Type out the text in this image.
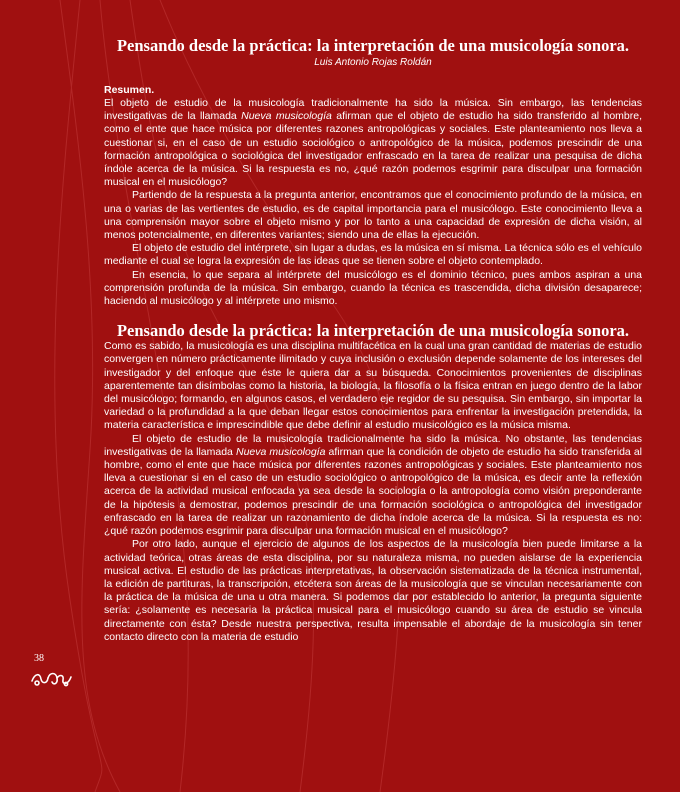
Pensando desde la práctica: la interpretación de una musicología sonora.
Luis Antonio Rojas Roldán
Resumen.

El objeto de estudio de la musicología tradicionalmente ha sido la música. Sin embargo, las tendencias investigativas de la llamada Nueva musicología afirman que el objeto de estudio ha sido transferido al hombre, como el ente que hace música por diferentes razones antropológicas y sociales. Este planteamiento nos lleva a cuestionar si, en el caso de un estudio sociológico o antropológico de la música, podemos prescindir de una formación antropológica o sociológica del investigador enfrascado en la tarea de realizar una pesquisa de dicha índole acerca de la música. Si la respuesta es no, ¿qué razón podemos esgrimir para disculpar una formación musical en el musicólogo?

Partiendo de la respuesta a la pregunta anterior, encontramos que el conocimiento profundo de la música, en una o varias de las vertientes de estudio, es de capital importancia para el musicólogo. Este conocimiento lleva a una comprensión mayor sobre el objeto mismo y por lo tanto a una capacidad de expresión de dicha visión, al menos potencialmente, en diferentes variantes; siendo una de ellas la ejecución.

El objeto de estudio del intérprete, sin lugar a dudas, es la música en sí misma. La técnica sólo es el vehículo mediante el cual se logra la expresión de las ideas que se tienen sobre el objeto contemplado.

En esencia, lo que separa al intérprete del musicólogo es el dominio técnico, pues ambos aspiran a una comprensión profunda de la música. Sin embargo, cuando la técnica es trascendida, dicha división desaparece; haciendo al musicólogo y al intérprete uno mismo.

Pensando desde la práctica: la interpretación de una musicología sonora.

Como es sabido, la musicología es una disciplina multifacética en la cual una gran cantidad de materias de estudio convergen en número prácticamente ilimitado y cuya inclusión o exclusión depende solamente de los intereses del investigador y del enfoque que éste le quiera dar a su búsqueda. Conocimientos provenientes de disciplinas aparentemente tan disímbolas como la historia, la biología, la filosofía o la física entran en juego dentro de la labor del musicólogo; formando, en algunos casos, el verdadero eje regidor de su pesquisa. Sin embargo, sin importar la variedad o la profundidad a la que deban llegar estos conocimientos para enfrentar la investigación pretendida, la materia característica e imprescindible que debe definir al estudio musicológico es la música misma.

El objeto de estudio de la musicología tradicionalmente ha sido la música. No obstante, las tendencias investigativas de la llamada Nueva musicología afirman que la condición de objeto de estudio ha sido transferida al hombre, como el ente que hace música por diferentes razones antropológicas y sociales. Este planteamiento nos lleva a cuestionar si en el caso de un estudio sociológico o antropológico de la música, es decir ante la reflexión acerca de la actividad musical enfocada ya sea desde la sociología o la antropología como visión preponderante de la hipótesis a demostrar, podemos prescindir de una formación sociológica o antropológica del investigador enfrascado en la tarea de realizar un razonamiento de dicha índole acerca de la música. Si la respuesta es no: ¿qué razón podemos esgrimir para disculpar una formación musical en el musicólogo?

Por otro lado, aunque el ejercicio de algunos de los aspectos de la musicología bien puede limitarse a la actividad teórica, otras áreas de esta disciplina, por su naturaleza misma, no pueden aislarse de la experiencia musical activa. El estudio de las prácticas interpretativas, la observación sistematizada de la técnica instrumental, la edición de partituras, la transcripción, etcétera son áreas de la musicología que se vinculan necesariamente con la práctica de la música de una u otra manera. Si podemos dar por establecido lo anterior, la pregunta siguiente sería: ¿solamente es necesaria la práctica musical para el musicólogo cuando su área de estudio se vincula directamente con ésta? Desde nuestra perspectiva, resulta impensable el abordaje de la musicología sin tener contacto directo con la materia de estudio

38
